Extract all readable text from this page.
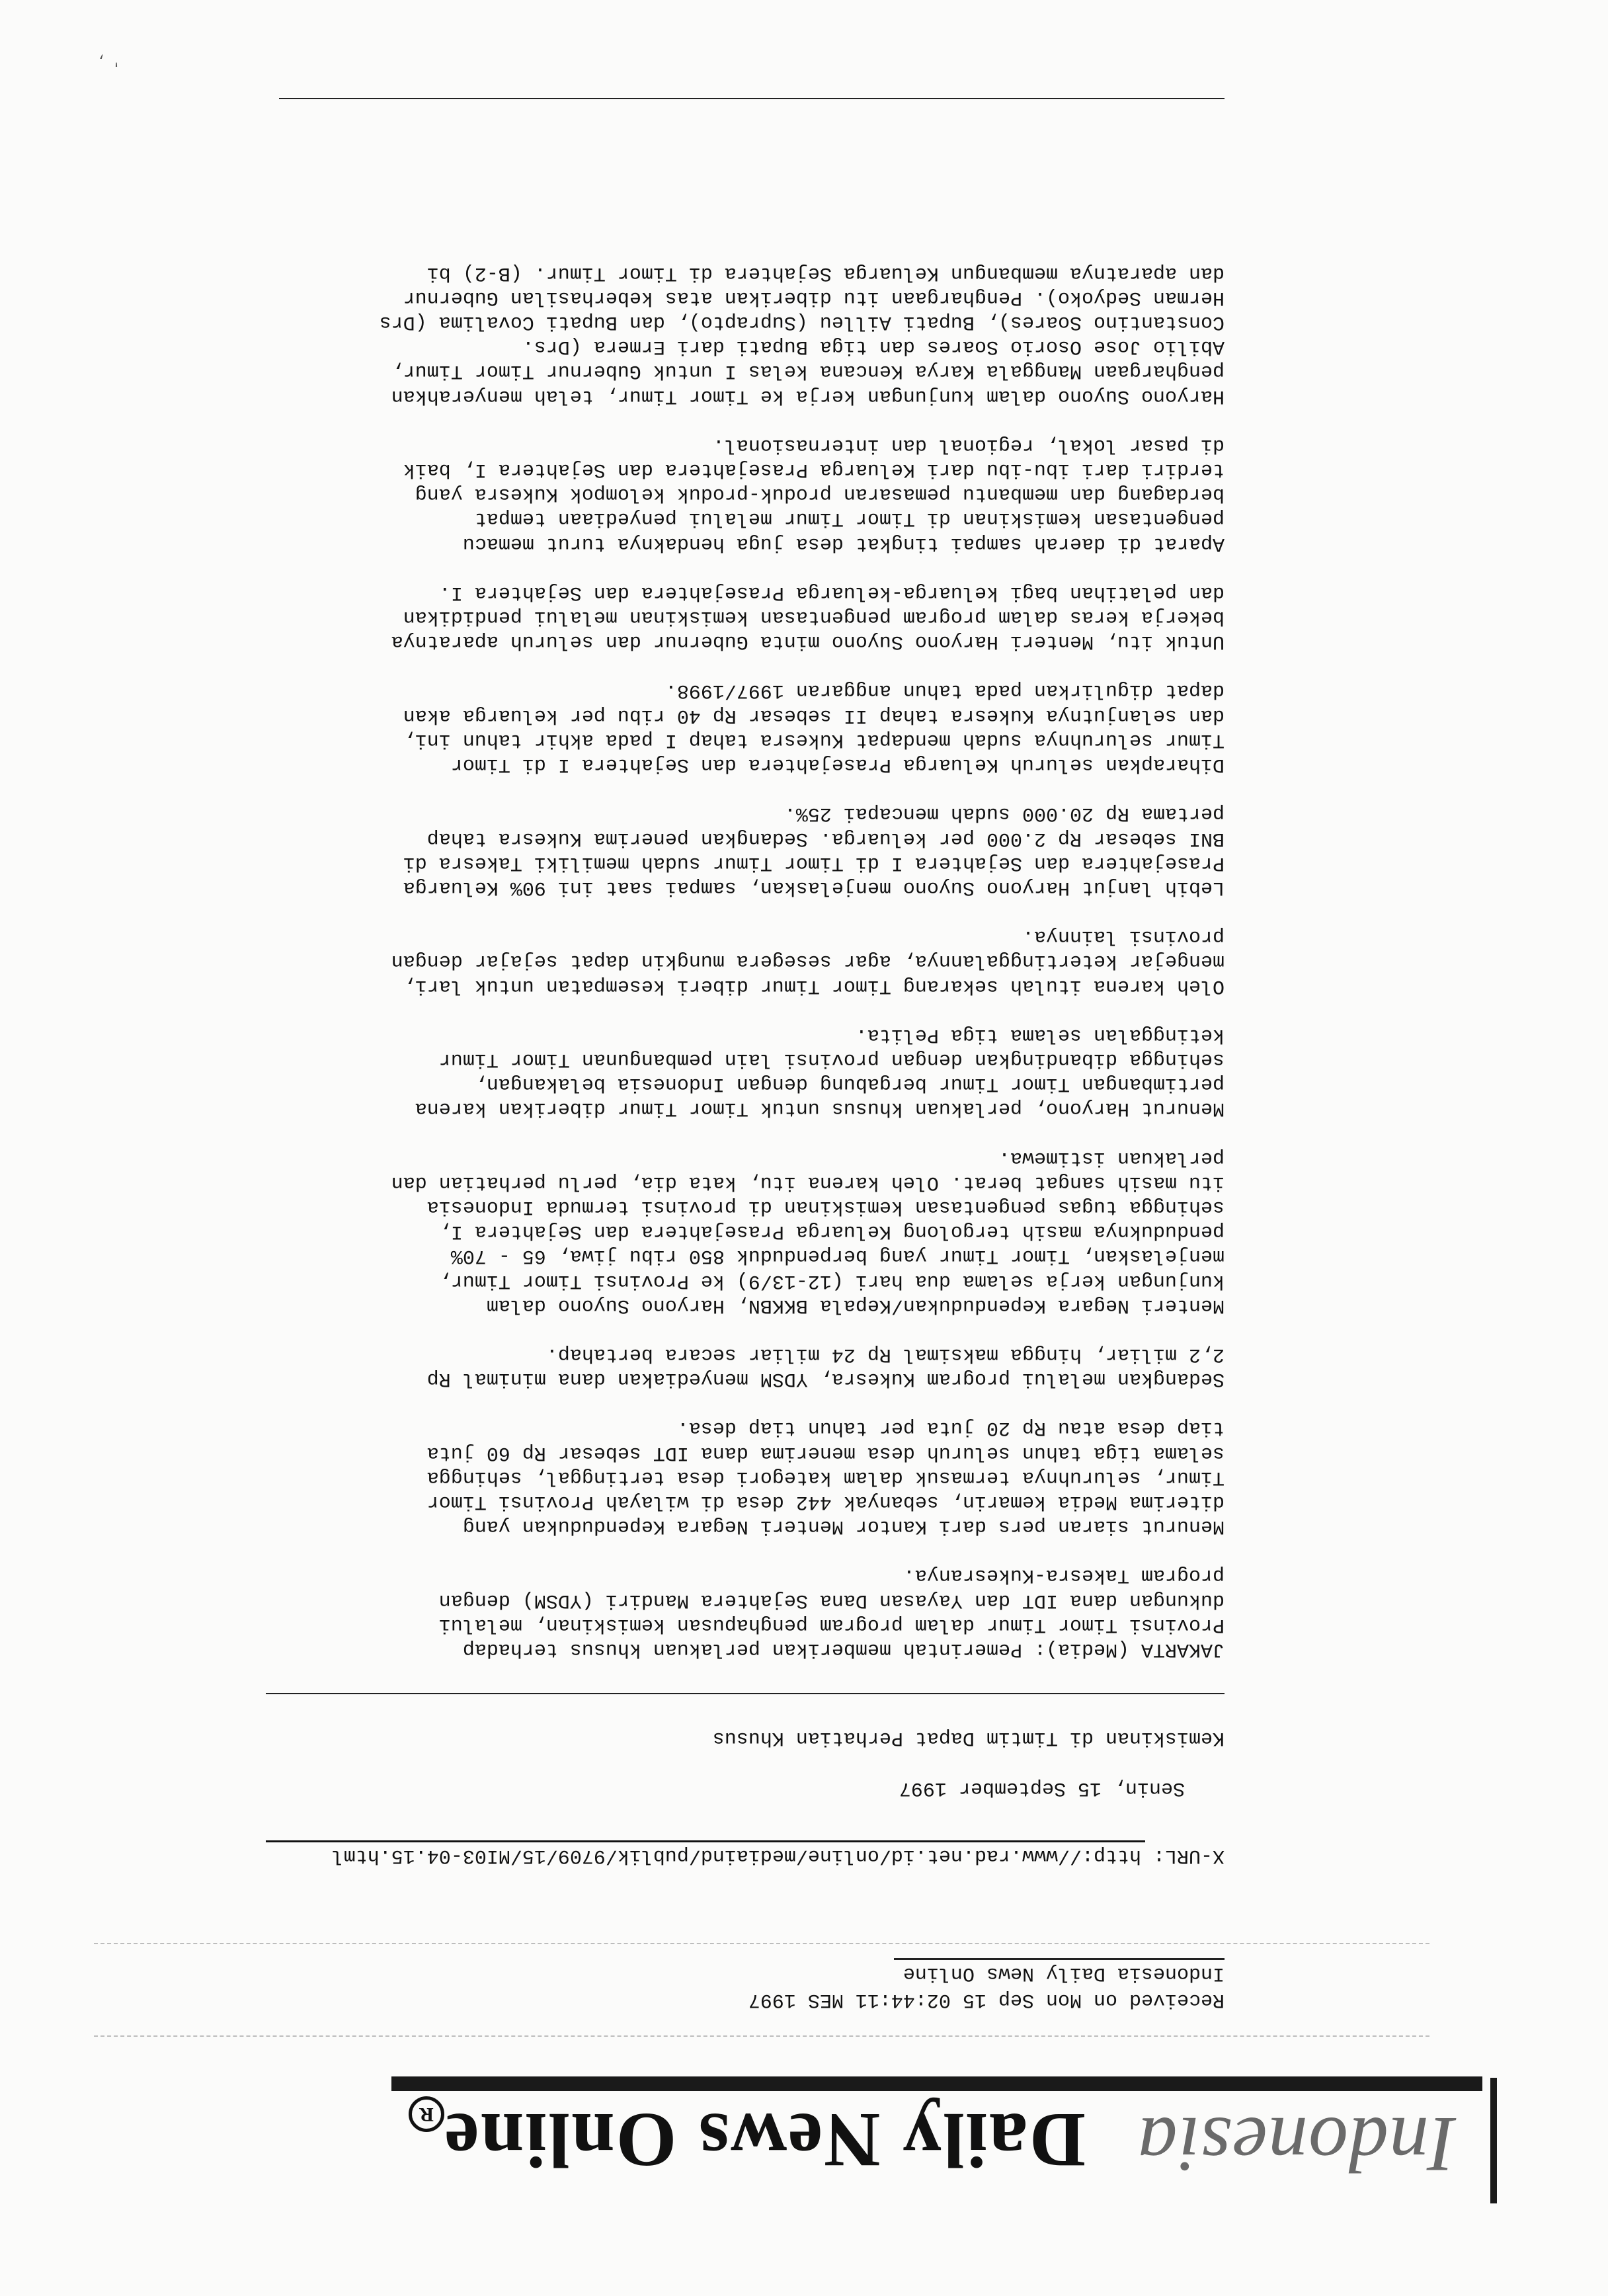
Indonesia
Daily News Online
R
Received on Mon Sep 15 02:44:11 MES 1997
Indonesia Daily News Online
X-URL: http://www.rad.net.id/online/mediaind/publik/9709/15/MI03-04.15.html
Senin, 15 September 1997
Kemiskinan di Timtim Dapat Perhatian Khusus
JAKARTA (Media): Pemerintah memberikan perlakuan khusus terhadap
Provinsi Timor Timur dalam program penghapusan kemiskinan, melalui
dukungan dana IDT dan Yayasan Dana Sejahtera Mandiri (YDSM) dengan
program Takesra-Kukesranya.
Menurut siaran pers dari Kantor Menteri Negara Kependudukan yang
diterima Media kemarin, sebanyak 442 desa di wilayah Provinsi Timor
Timur, seluruhnya termasuk dalam kategori desa tertinggal, sehingga
selama tiga tahun seluruh desa menerima dana IDT sebesar Rp 60 juta
tiap desa atau Rp 20 juta per tahun tiap desa.
Sedangkan melalui program Kukesra, YDSM menyediakan dana minimal Rp
2,2 miliar, hingga maksimal Rp 24 miliar secara bertahap.
Menteri Negara Kependudukan/Kepala BKKBN, Haryono Suyono dalam
kunjungan kerja selama dua hari (12-13/9) ke Provinsi Timor Timur,
menjelaskan, Timor Timur yang berpenduduk 850 ribu jiwa, 65 - 70%
penduduknya masih tergolong Keluarga Prasejahtera dan Sejahtera I,
sehingga tugas pengentasan kemiskinan di provinsi termuda Indonesia
itu masih sangat berat. Oleh karena itu, kata dia, perlu perhatian dan
perlakuan istimewa.
Menurut Haryono, perlakuan khusus untuk Timor Timur diberikan karena
pertimbangan Timor Timur bergabung dengan Indonesia belakangan,
sehingga dibandingkan dengan provinsi lain pembangunan Timor Timur
ketinggalan selama tiga Pelita.
Oleh karena itulah sekarang Timor Timur diberi kesempatan untuk lari,
mengejar ketertinggalannya, agar sesegera mungkin dapat sejajar dengan
provinsi lainnya.
Lebih lanjut Haryono Suyono menjelaskan, sampai saat ini 90% Keluarga
Prasejahtera dan Sejahtera I di Timor Timur sudah memiliki Takesra di
BNI sebesar Rp 2.000 per keluarga. Sedangkan penerima Kukesra tahap
pertama Rp 20.000 sudah mencapai 25%.
Diharapkan seluruh Keluarga Prasejahtera dan Sejahtera I di Timor
Timur seluruhnya sudah mendapat Kukesra tahap I pada akhir tahun ini,
dan selanjutnya Kukesra tahap II sebesar Rp 40 ribu per keluarga akan
dapat digulirkan pada tahun anggaran 1997/1998.
Untuk itu, Menteri Haryono Suyono minta Gubernur dan seluruh aparatnya
bekerja keras dalam program pengentasan kemiskinan melalui pendidikan
dan pelatihan bagi keluarga-keluarga Prasejahtera dan Sejahtera I.
Aparat di daerah sampai tingkat desa juga hendaknya turut memacu
pengentasan kemiskinan di Timor Timur melalui penyediaan tempat
berdagang dan membantu pemasaran produk-produk kelompok Kukesra yang
terdiri dari ibu-ibu dari Keluarga Prasejahtera dan Sejahtera I, baik
di pasar lokal, regional dan internasional.
Haryono Suyono dalam kunjungan kerja ke Timor Timur, telah menyerahkan
penghargaan Manggala Karya Kencana kelas I untuk Gubernur Timor Timur,
Abilio Jose Osorio Soares dan tiga Bupati dari Ermera (Drs.
Constantino Soares), Bupati Ailleu (Suprapto), dan Bupati Covalima (Drs
Herman Sedyoko). Penghargaan itu diberikan atas keberhasilan Gubernur
dan aparatnya membangun Keluarga Sejahtera di Timor Timur. (B-2) bi
' ,
